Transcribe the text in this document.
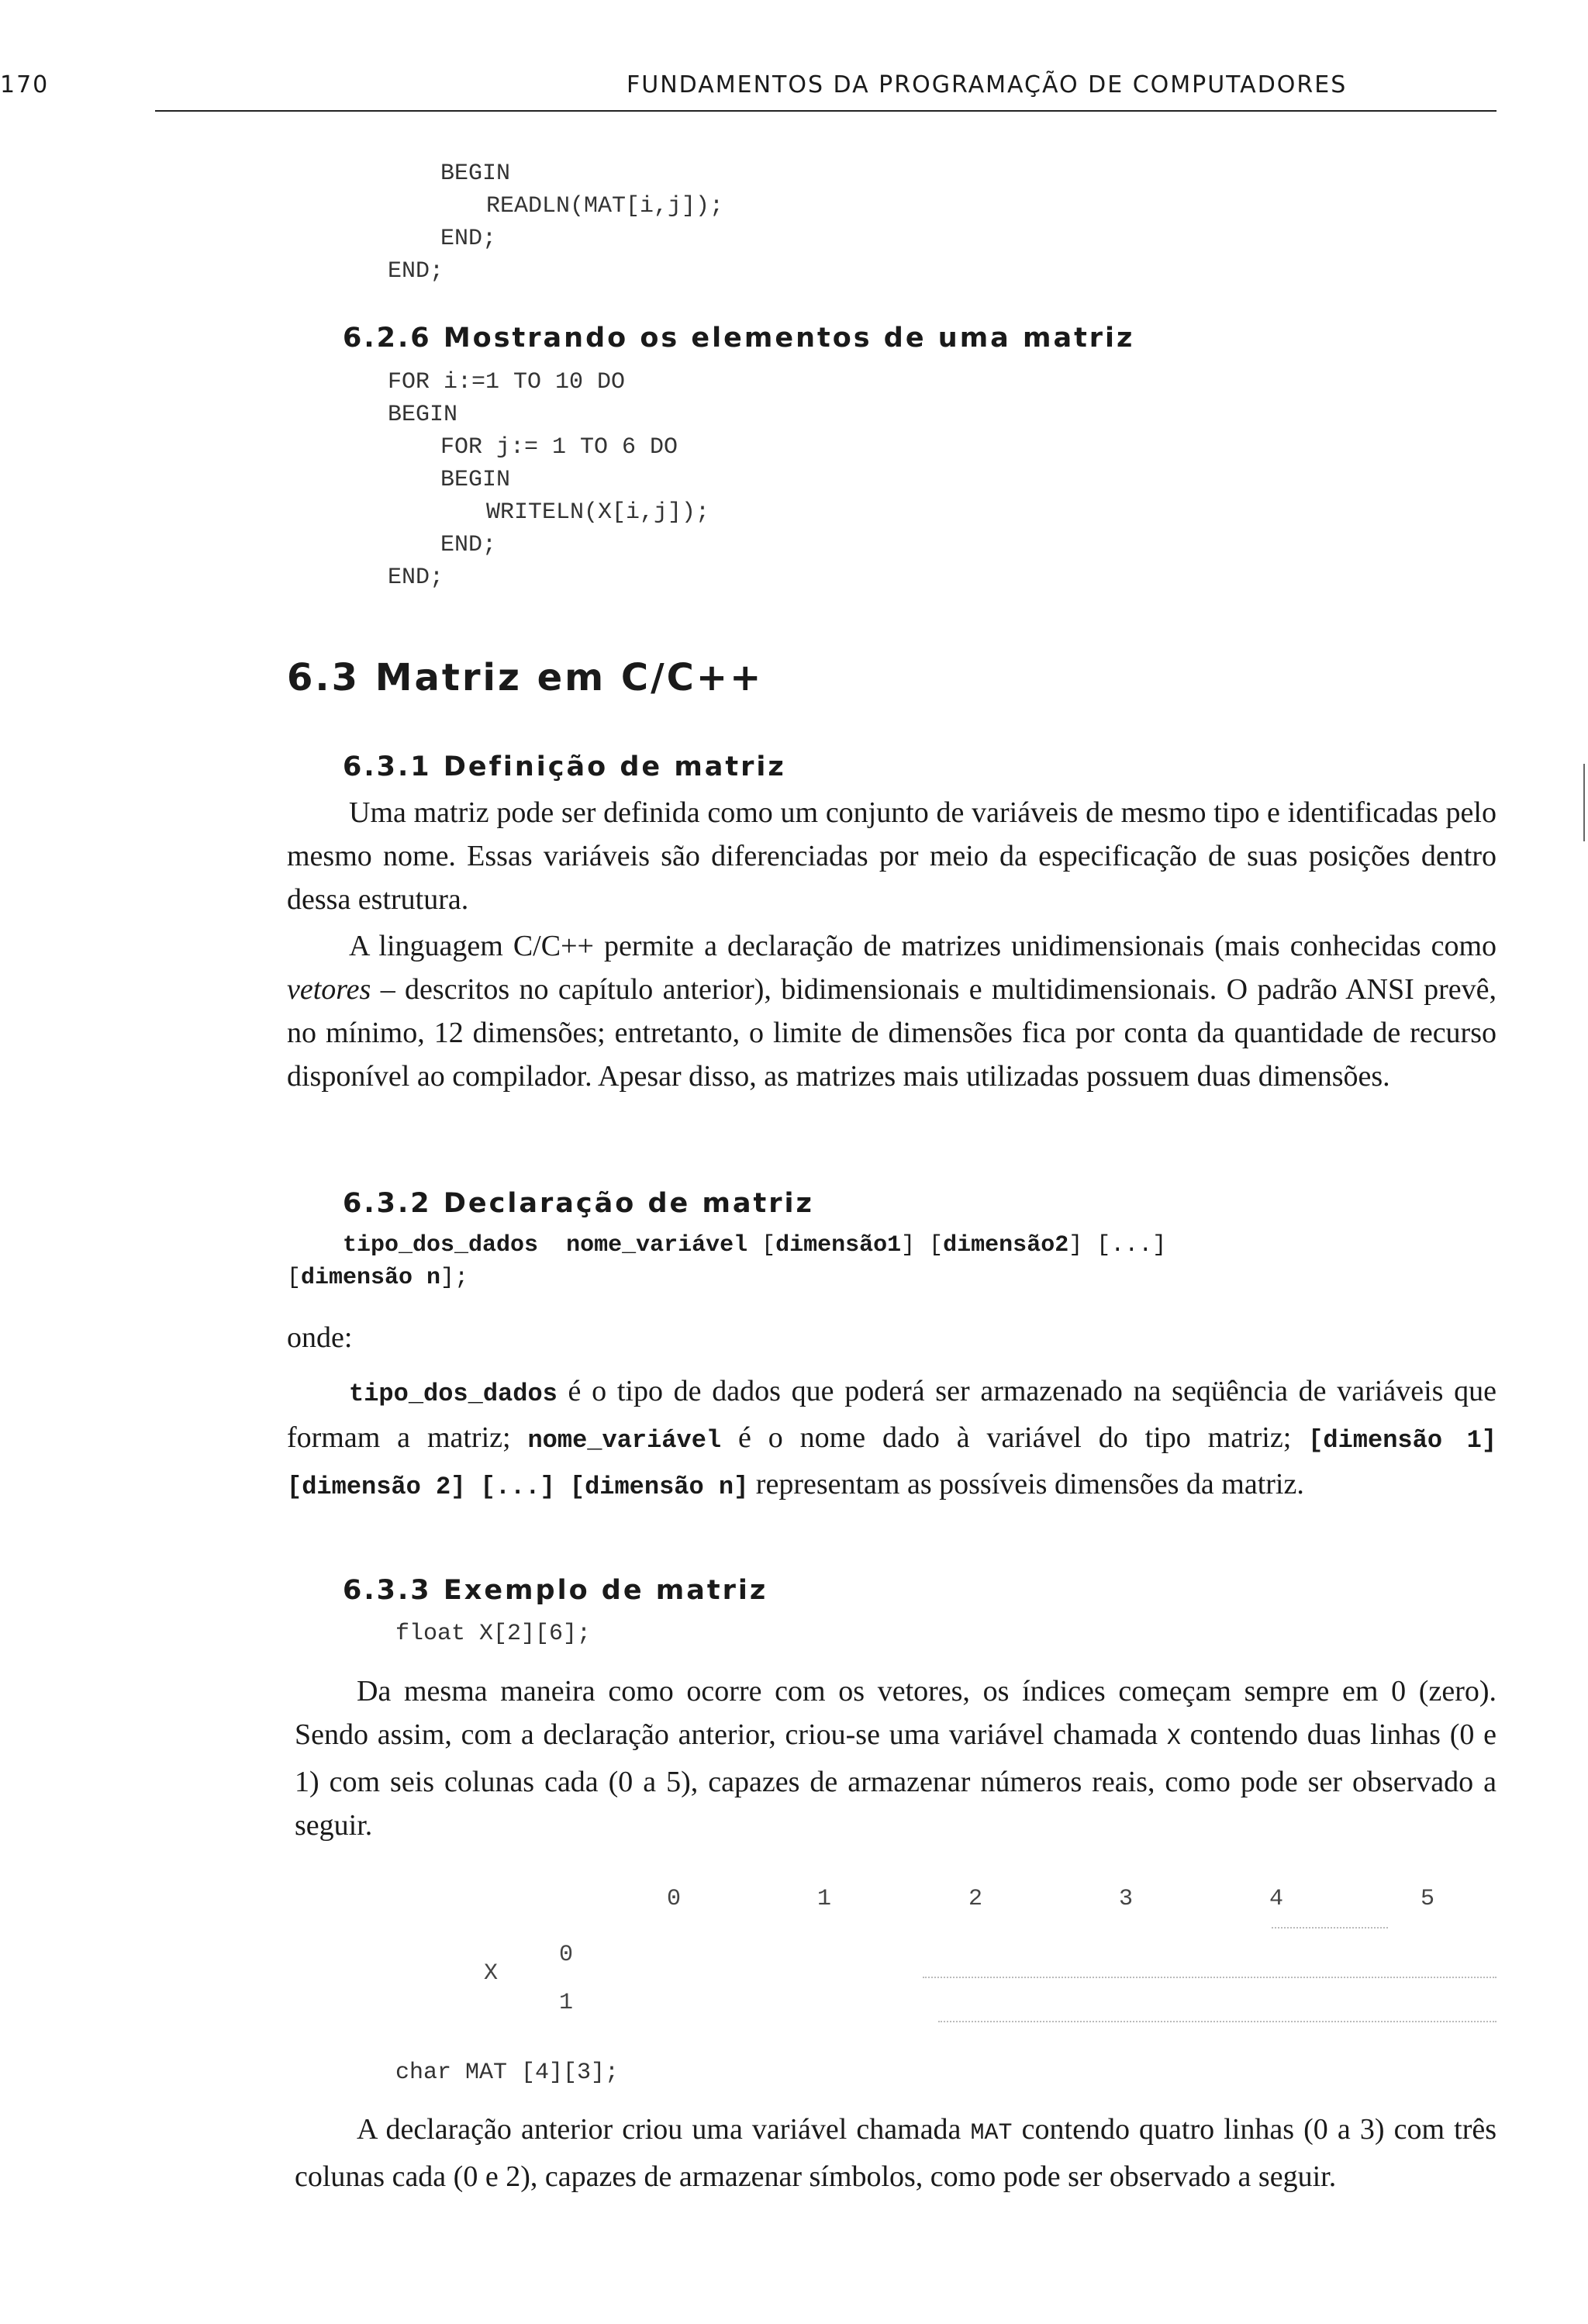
170	FUNDAMENTOS DA PROGRAMAÇÃO DE COMPUTADORES
BEGIN
READLN(MAT[i,j]);
END;
END;
6.2.6 Mostrando os elementos de uma matriz
FOR i:=1 TO 10 DO
BEGIN
FOR j:= 1 TO 6 DO
BEGIN
WRITELN(X[i,j]);
END;
END;
6.3 Matriz em C/C++
6.3.1 Definição de matriz

Uma matriz pode ser definida como um conjunto de variáveis de mesmo tipo e identificadas pelo mesmo nome. Essas variáveis são diferenciadas por meio da especificação de suas posições dentro dessa estrutura.

A linguagem C/C++ permite a declaração de matrizes unidimensionais (mais conhecidas como vetores – descritos no capítulo anterior), bidimensionais e multidimensionais. O padrão ANSI prevê, no mínimo, 12 dimensões; entretanto, o limite de dimensões fica por conta da quantidade de recurso disponível ao compilador. Apesar disso, as matrizes mais utilizadas possuem duas dimensões.

6.3.2 Declaração de matriz
tipo_dos_dados nome_variável [dimensão1] [dimensão2] [...]
[dimensão n];
onde:

tipo_dos_dados é o tipo de dados que poderá ser armazenado na seqüência de variáveis que formam a matriz; nome_variável é o nome dado à variável do tipo matriz; [dimensão 1] [dimensão 2] [...] [dimensão n] representam as possíveis dimensões da matriz.

6.3.3 Exemplo de matriz
float X[2][6];

Da mesma maneira como ocorre com os vetores, os índices começam sempre em 0 (zero). Sendo assim, com a declaração anterior, criou-se uma variável chamada X contendo duas linhas (0 e 1) com seis colunas cada (0 a 5), capazes de armazenar números reais, como pode ser observado a seguir.

0	1	2	3	4	5
X
0
1
char MAT [4][3];

A declaração anterior criou uma variável chamada MAT contendo quatro linhas (0 a 3) com três colunas cada (0 e 2), capazes de armazenar símbolos, como pode ser observado a seguir.
